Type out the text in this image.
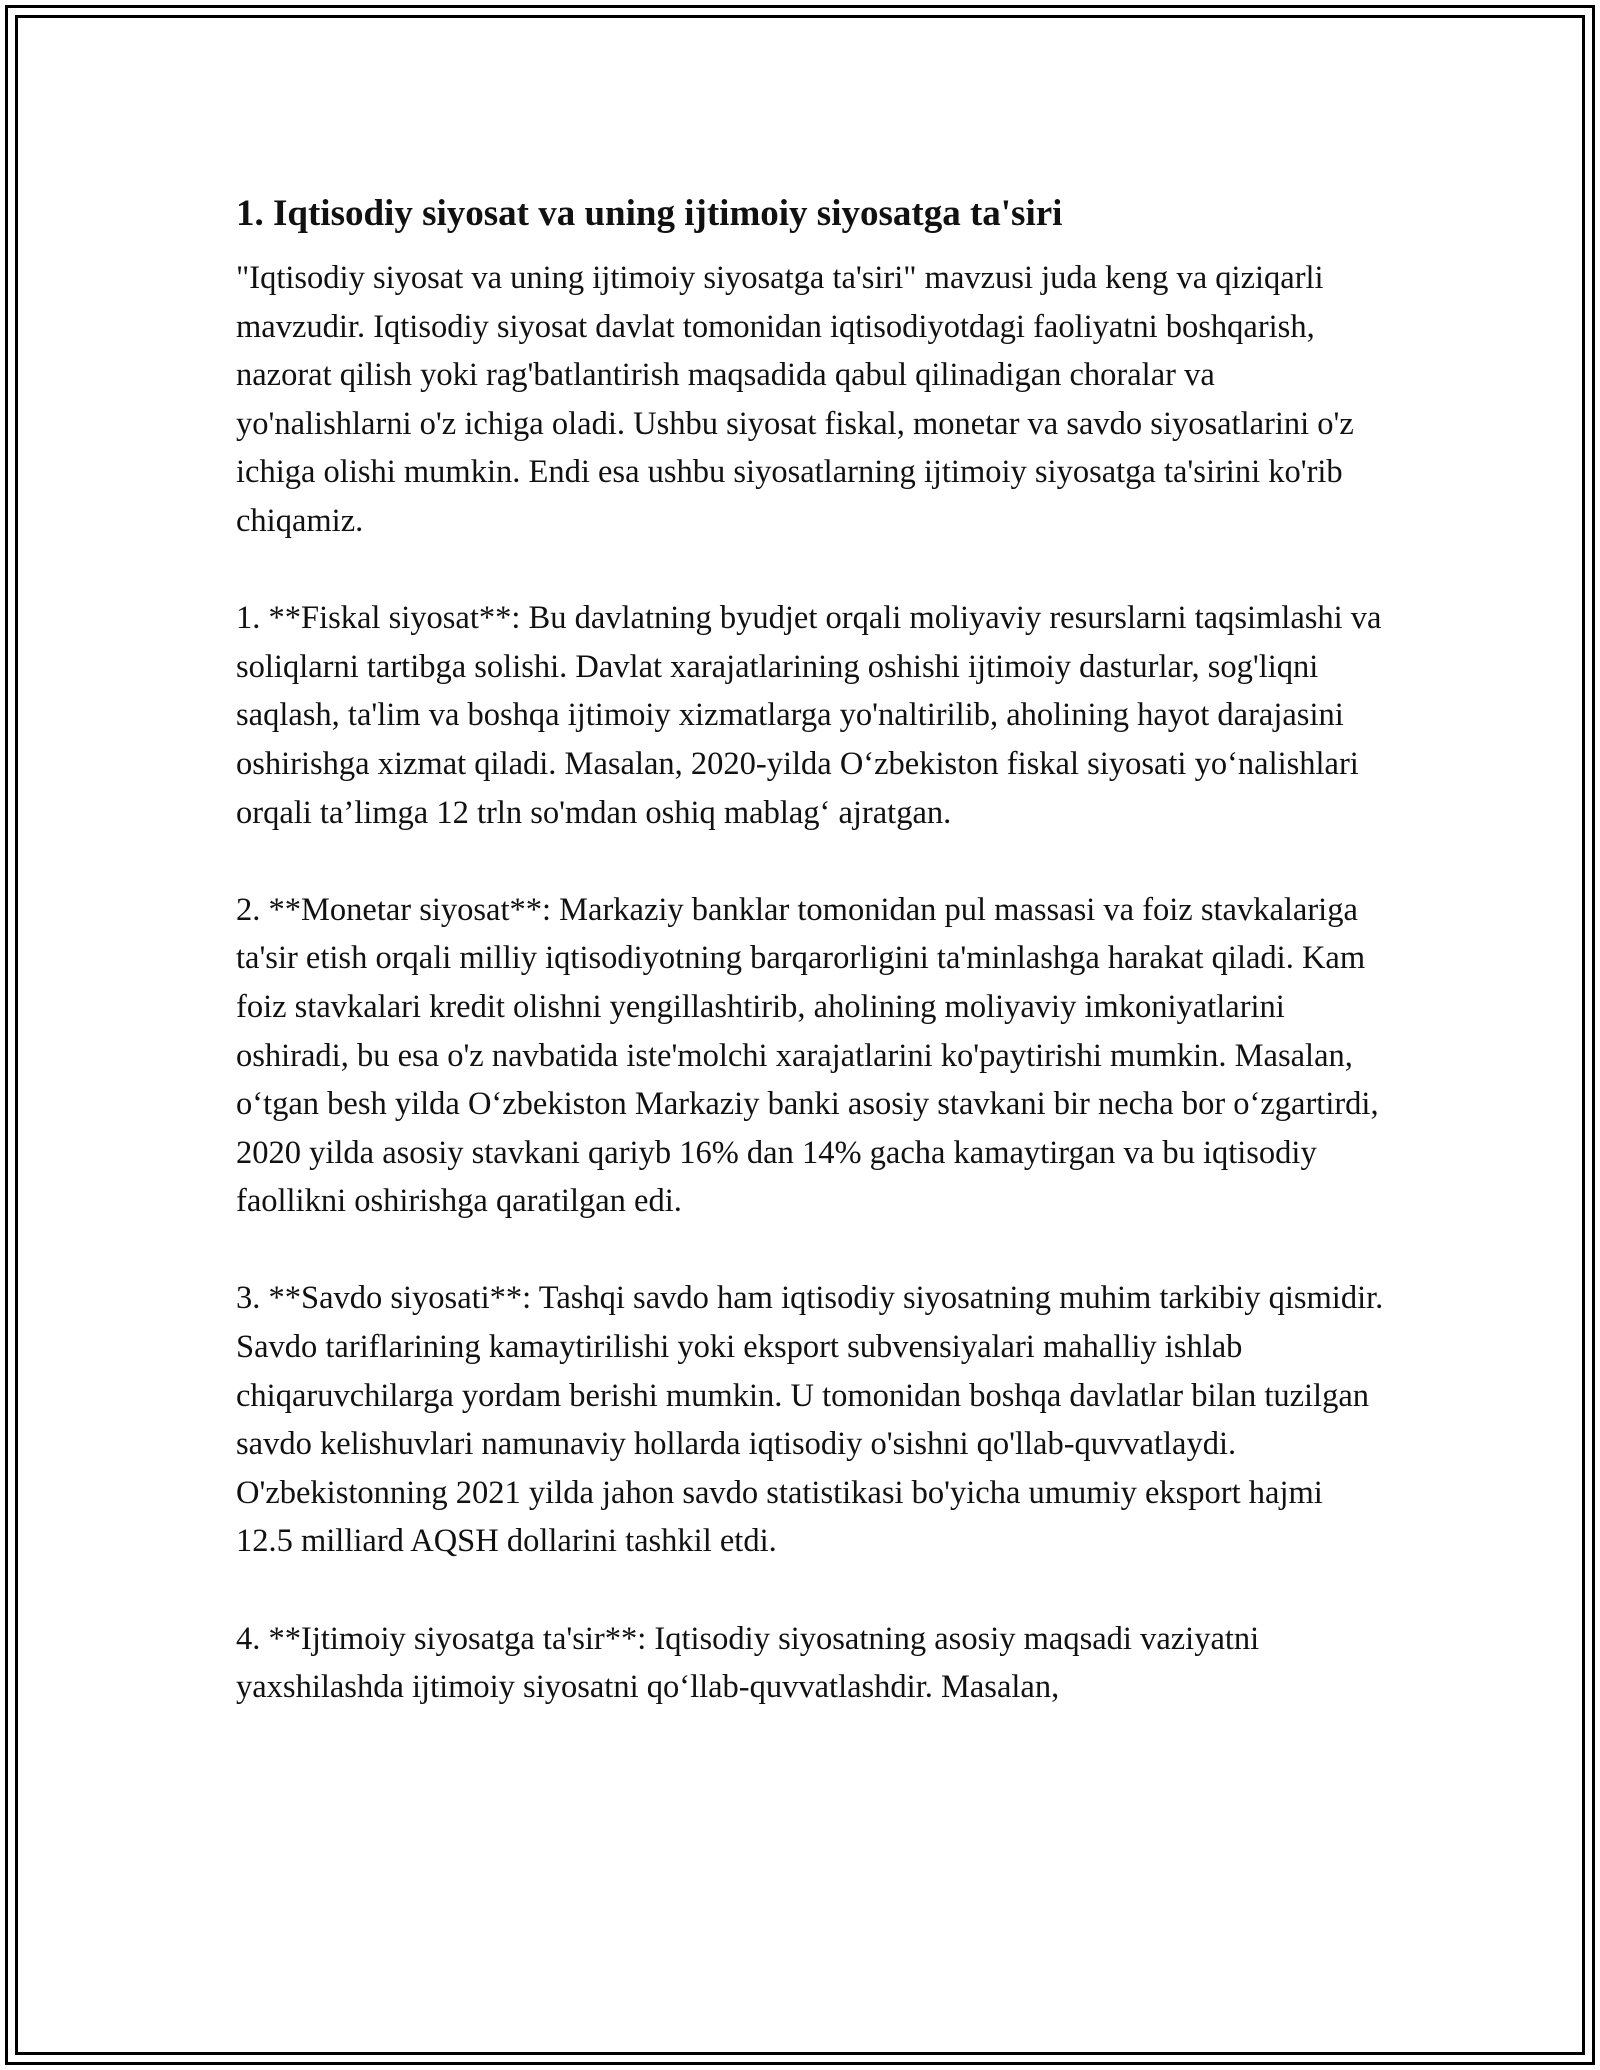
1. Iqtisodiy siyosat va uning ijtimoiy siyosatga ta'siri

"Iqtisodiy siyosat va uning ijtimoiy siyosatga ta'siri" mavzusi juda keng va qiziqarli mavzudir. Iqtisodiy siyosat davlat tomonidan iqtisodiyotdagi faoliyatni boshqarish, nazorat qilish yoki rag'batlantirish maqsadida qabul qilinadigan choralar va yo'nalishlarni o'z ichiga oladi. Ushbu siyosat fiskal, monetar va savdo siyosatlarini o'z ichiga olishi mumkin. Endi esa ushbu siyosatlarning ijtimoiy siyosatga ta'sirini ko'rib chiqamiz.

1. **Fiskal siyosat**: Bu davlatning byudjet orqali moliyaviy resurslarni taqsimlashi va soliqlarni tartibga solishi. Davlat xarajatlarining oshishi ijtimoiy dasturlar, sog'liqni saqlash, ta'lim va boshqa ijtimoiy xizmatlarga yo'naltirilib, aholining hayot darajasini oshirishga xizmat qiladi. Masalan, 2020-yilda O‘zbekiston fiskal siyosati yo‘nalishlari orqali ta’limga 12 trln so'mdan oshiq mablag‘ ajratgan.

2. **Monetar siyosat**: Markaziy banklar tomonidan pul massasi va foiz stavkalariga ta'sir etish orqali milliy iqtisodiyotning barqarorligini ta'minlashga harakat qiladi. Kam foiz stavkalari kredit olishni yengillashtirib, aholining moliyaviy imkoniyatlarini oshiradi, bu esa o'z navbatida iste'molchi xarajatlarini ko'paytirishi mumkin. Masalan, o‘tgan besh yilda O‘zbekiston Markaziy banki asosiy stavkani bir necha bor o‘zgartirdi, 2020 yilda asosiy stavkani qariyb 16% dan 14% gacha kamaytirgan va bu iqtisodiy faollikni oshirishga qaratilgan edi.

3. **Savdo siyosati**: Tashqi savdo ham iqtisodiy siyosatning muhim tarkibiy qismidir. Savdo tariflarining kamaytirilishi yoki eksport subvensiyalari mahalliy ishlab chiqaruvchilarga yordam berishi mumkin. U tomonidan boshqa davlatlar bilan tuzilgan savdo kelishuvlari namunaviy hollarda iqtisodiy o'sishni qo'llab-quvvatlaydi. O'zbekistonning 2021 yilda jahon savdo statistikasi bo'yicha umumiy eksport hajmi 12.5 milliard AQSH dollarini tashkil etdi.

4. **Ijtimoiy siyosatga ta'sir**: Iqtisodiy siyosatning asosiy maqsadi vaziyatni yaxshilashda ijtimoiy siyosatni qo‘llab-quvvatlashdir. Masalan,
